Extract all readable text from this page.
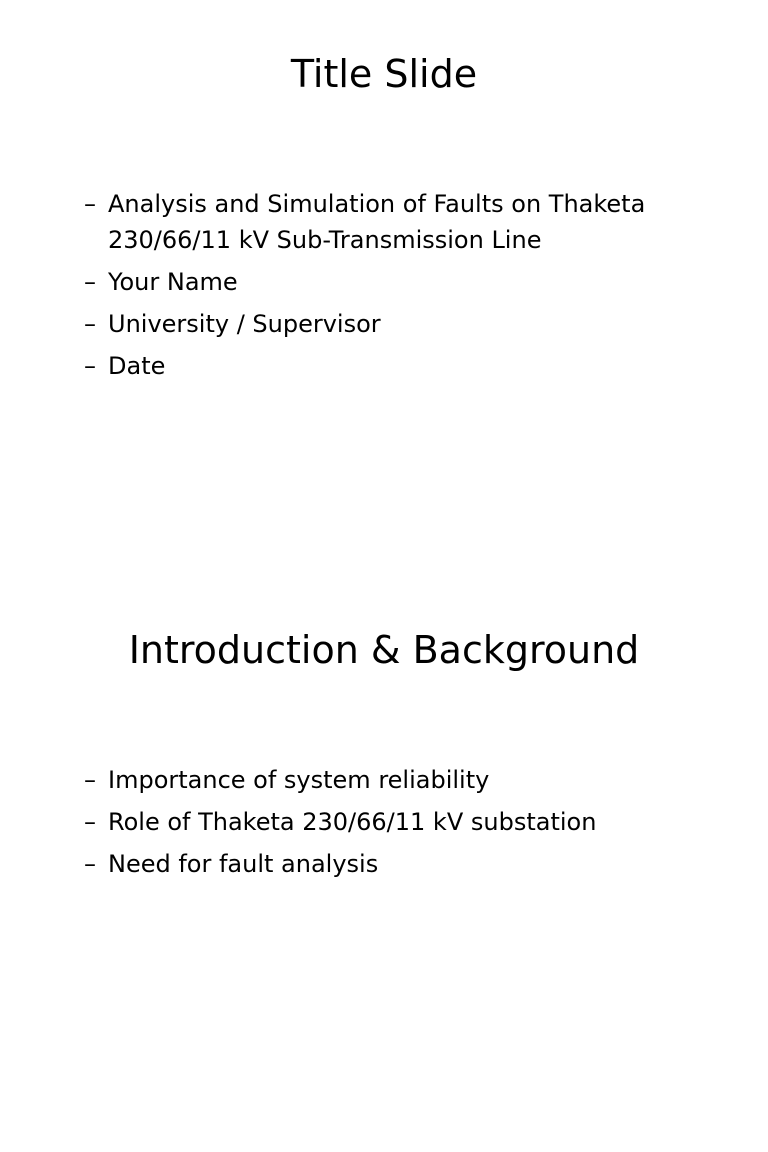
Title Slide
– Analysis and Simulation of Faults on Thaketa 230/66/11 kV Sub-Transmission Line
– Your Name
– University / Supervisor
– Date
Introduction & Background
– Importance of system reliability
– Role of Thaketa 230/66/11 kV substation
– Need for fault analysis
